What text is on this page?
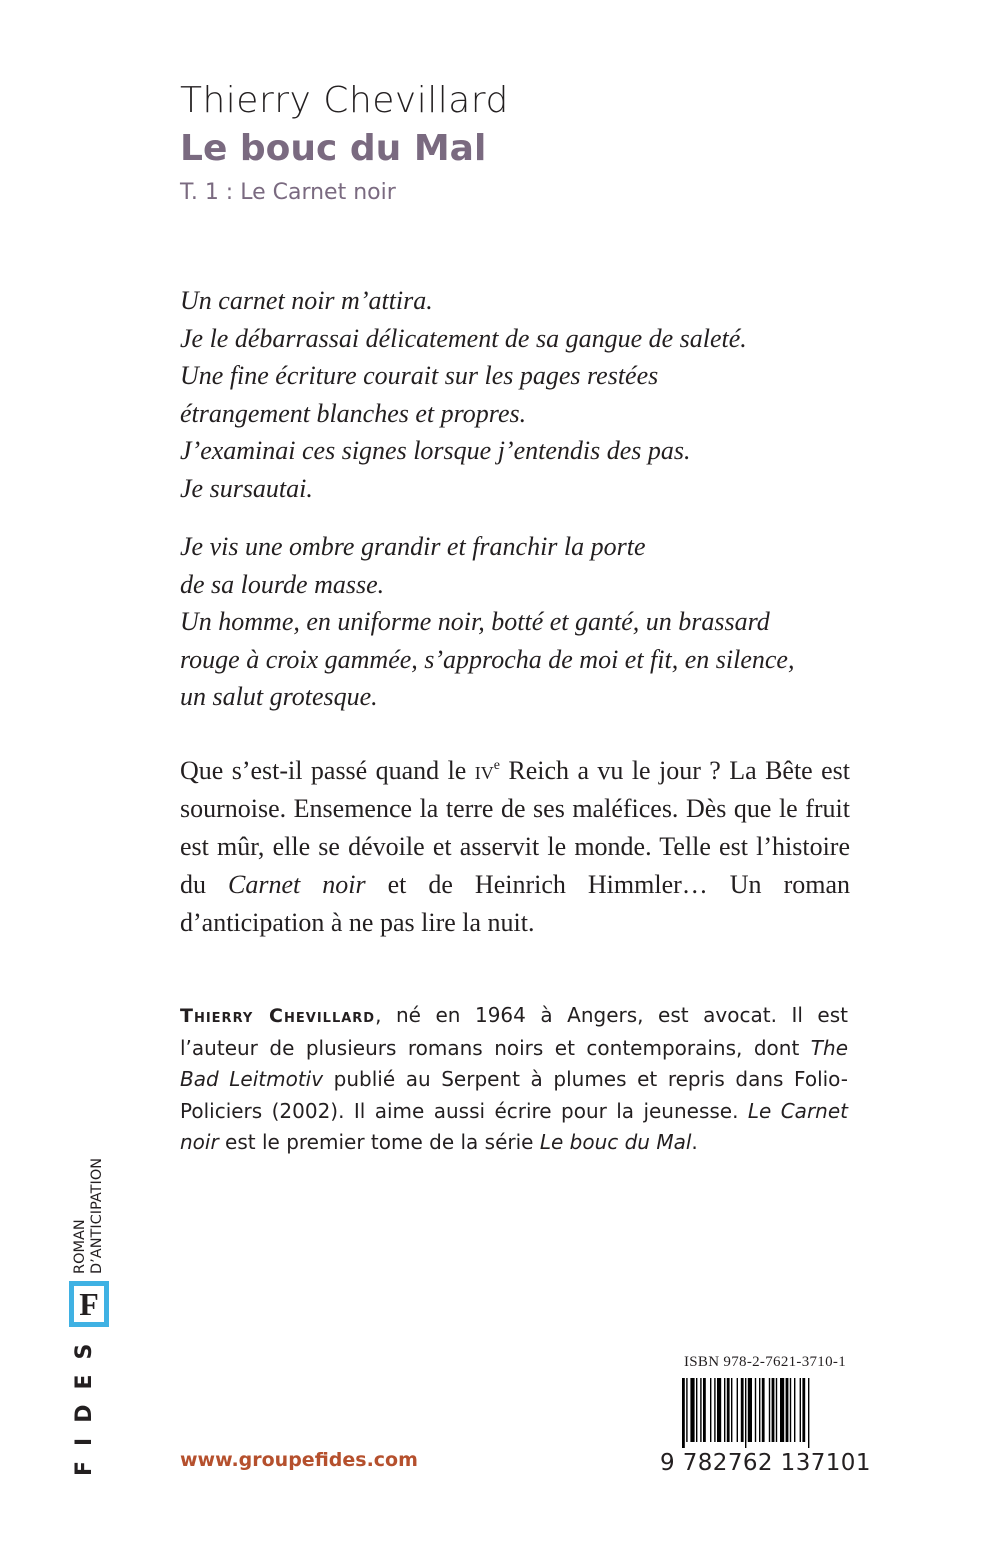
Thierry Chevillard
Le bouc du Mal
T. 1 : Le Carnet noir
Un carnet noir m’attira.
Je le débarrassai délicatement de sa gangue de saleté.
Une fine écriture courait sur les pages restées
étrangement blanches et propres.
J’examinai ces signes lorsque j’entendis des pas.
Je sursautai.
Je vis une ombre grandir et franchir la porte
de sa lourde masse.
Un homme, en uniforme noir, botté et ganté, un brassard
rouge à croix gammée, s’approcha de moi et fit, en silence,
un salut grotesque.
Que s’est-il passé quand le $iv^e$ Reich a vu le jour ? La Bête est sournoise. Ensemence la terre de ses maléfices. Dès que le fruit est mûr, elle se dévoile et asservit le monde. Telle est l’histoire du Carnet noir et de Heinrich Himmler… Un roman d’anticipation à ne pas lire la nuit.
Thierry Chevillard, né en 1964 à Angers, est avocat. Il est l’auteur de plusieurs romans noirs et contemporains, dont The Bad Leitmotiv publié au Serpent à plumes et repris dans Folio-Policiers (2002). Il aime aussi écrire pour la jeunesse. Le Carnet noir est le premier tome de la série Le bouc du Mal.
www.groupefides.com
ROMAN D’ANTICIPATION
F
FIDES	ISBN 978-2-7621-3710-1
9 782762 137101
